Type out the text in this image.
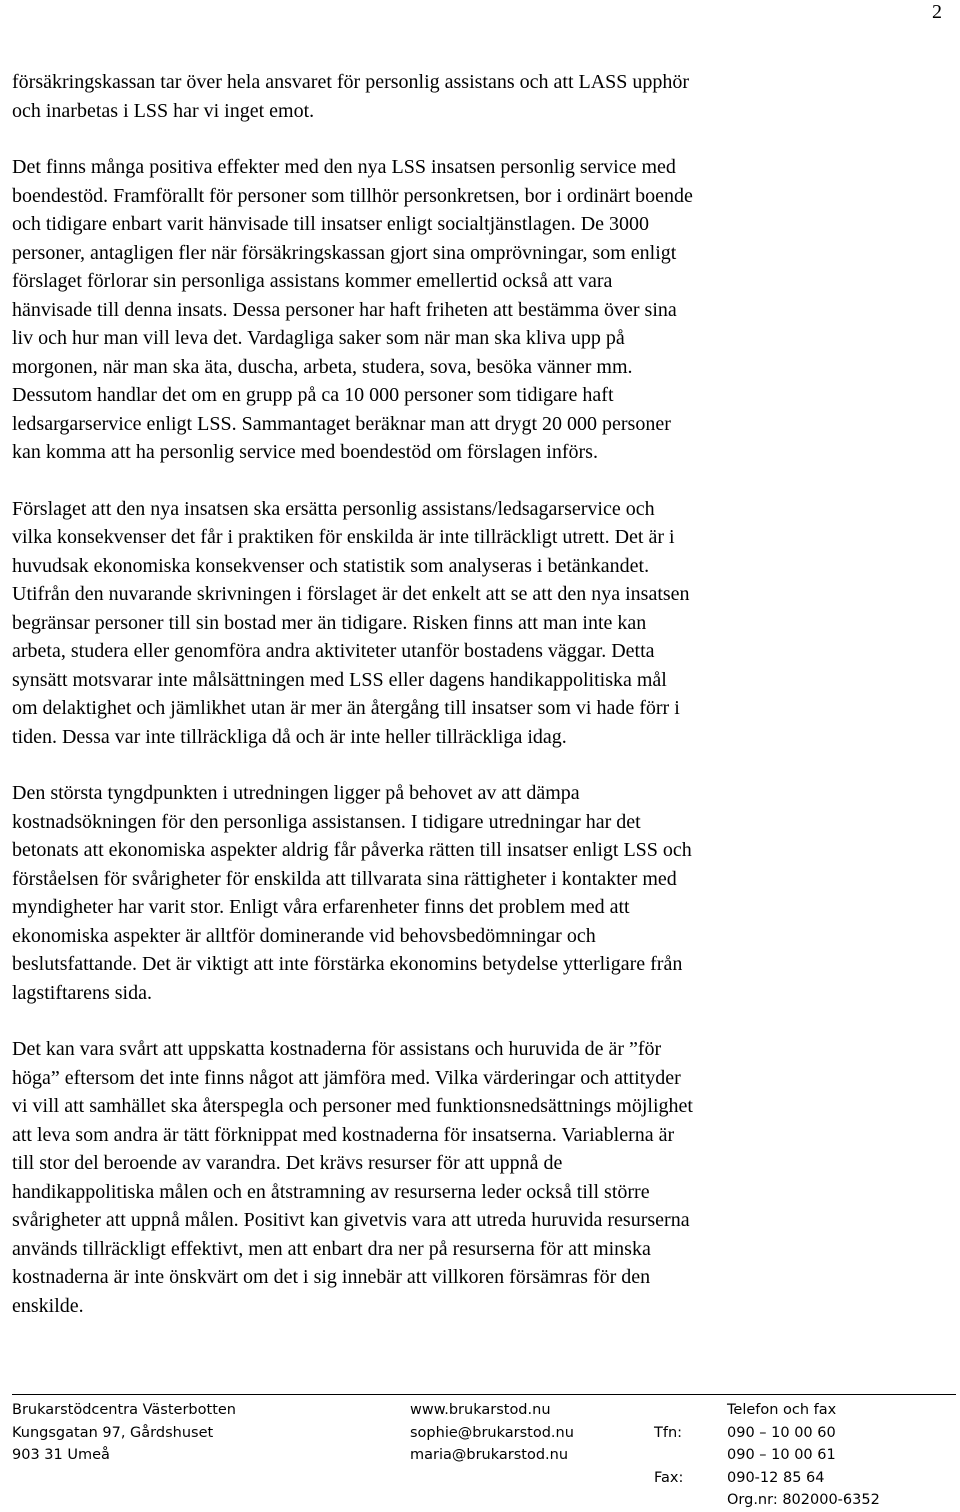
2

försäkringskassan tar över hela ansvaret för personlig assistans och att LASS upphör
och inarbetas i LSS har vi inget emot.

Det finns många positiva effekter med den nya LSS insatsen personlig service med
boendestöd. Framförallt för personer som tillhör personkretsen, bor i ordinärt boende
och tidigare enbart varit hänvisade till insatser enligt socialtjänstlagen. De 3000
personer, antagligen fler när försäkringskassan gjort sina omprövningar, som enligt
förslaget förlorar sin personliga assistans kommer emellertid också att vara
hänvisade till denna insats. Dessa personer har haft friheten att bestämma över sina
liv och hur man vill leva det. Vardagliga saker som när man ska kliva upp på
morgonen, när man ska äta, duscha, arbeta, studera, sova, besöka vänner mm.
Dessutom handlar det om en grupp på ca 10 000 personer som tidigare haft
ledsargarservice enligt LSS. Sammantaget beräknar man att drygt 20 000 personer
kan komma att ha personlig service med boendestöd om förslagen införs.

Förslaget att den nya insatsen ska ersätta personlig assistans/ledsagarservice och
vilka konsekvenser det får i praktiken för enskilda är inte tillräckligt utrett. Det är i
huvudsak ekonomiska konsekvenser och statistik som analyseras i betänkandet.
Utifrån den nuvarande skrivningen i förslaget är det enkelt att se att den nya insatsen
begränsar personer till sin bostad mer än tidigare. Risken finns att man inte kan
arbeta, studera eller genomföra andra aktiviteter utanför bostadens väggar. Detta
synsätt motsvarar inte målsättningen med LSS eller dagens handikappolitiska mål
om delaktighet och jämlikhet utan är mer än återgång till insatser som vi hade förr i
tiden. Dessa var inte tillräckliga då och är inte heller tillräckliga idag.

Den största tyngdpunkten i utredningen ligger på behovet av att dämpa
kostnadsökningen för den personliga assistansen. I tidigare utredningar har det
betonats att ekonomiska aspekter aldrig får påverka rätten till insatser enligt LSS och
förståelsen för svårigheter för enskilda att tillvarata sina rättigheter i kontakter med
myndigheter har varit stor. Enligt våra erfarenheter finns det problem med att
ekonomiska aspekter är alltför dominerande vid behovsbedömningar och
beslutsfattande. Det är viktigt att inte förstärka ekonomins betydelse ytterligare från
lagstiftarens sida.

Det kan vara svårt att uppskatta kostnaderna för assistans och huruvida de är ”för
höga” eftersom det inte finns något att jämföra med. Vilka värderingar och attityder
vi vill att samhället ska återspegla och personer med funktionsnedsättnings möjlighet
att leva som andra är tätt förknippat med kostnaderna för insatserna. Variablerna är
till stor del beroende av varandra. Det krävs resurser för att uppnå de
handikappolitiska målen och en åtstramning av resurserna leder också till större
svårigheter att uppnå målen. Positivt kan givetvis vara att utreda huruvida resurserna
används tillräckligt effektivt, men att enbart dra ner på resurserna för att minska
kostnaderna är inte önskvärt om det i sig innebär att villkoren försämras för den
enskilde.

Brukarstödcentra Västerbotten
Kungsgatan 97, Gårdshuset
903 31 Umeå
www.brukarstod.nu
sophie@brukarstod.nu
maria@brukarstod.nu

Tfn:

Fax:
Telefon och fax
090 – 10 00 60
090 – 10 00 61
090-12 85 64
Org.nr: 802000-6352
